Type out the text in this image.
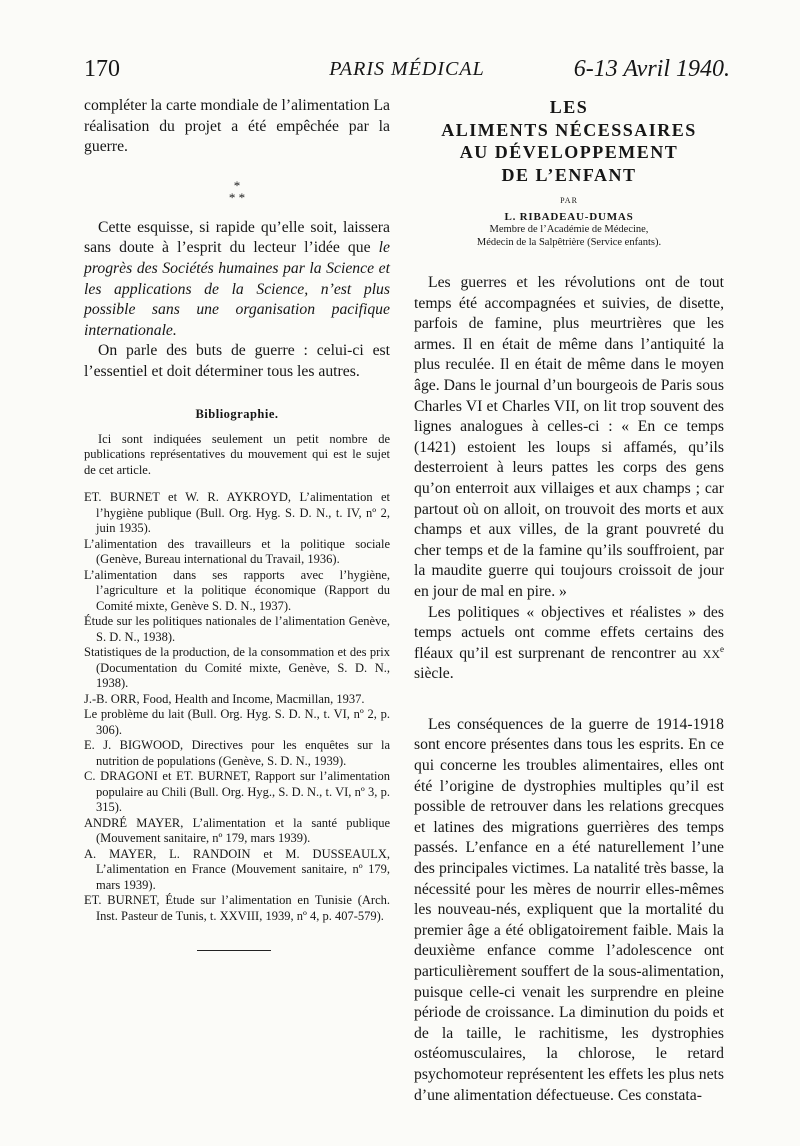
170	PARIS MÉDICAL	6-13 Avril 1940.

compléter la carte mondiale de l’alimentation La réalisation du projet a été empêchée par la guerre.

*
* *

Cette esquisse, si rapide qu’elle soit, laissera sans doute à l’esprit du lecteur l’idée que le progrès des Sociétés humaines par la Science et les applications de la Science, n’est plus possible sans une organisation pacifique internationale.

On parle des buts de guerre : celui-ci est l’essentiel et doit déterminer tous les autres.

Bibliographie.

Ici sont indiquées seulement un petit nombre de publications représentatives du mouvement qui est le sujet de cet article.

ET. BURNET et W. R. AYKROYD, L’alimentation et l’hygiène publique (Bull. Org. Hyg. S. D. N., t. IV, nº 2, juin 1935).
L’alimentation des travailleurs et la politique sociale (Genève, Bureau international du Travail, 1936).
L’alimentation dans ses rapports avec l’hygiène, l’agriculture et la politique économique (Rapport du Comité mixte, Genève S. D. N., 1937).
Étude sur les politiques nationales de l’alimentation Genève, S. D. N., 1938).
Statistiques de la production, de la consommation et des prix (Documentation du Comité mixte, Genève, S. D. N., 1938).
J.-B. ORR, Food, Health and Income, Macmillan, 1937.
Le problème du lait (Bull. Org. Hyg. S. D. N., t. VI, nº 2, p. 306).
E. J. BIGWOOD, Directives pour les enquêtes sur la nutrition de populations (Genève, S. D. N., 1939).
C. DRAGONI et ET. BURNET, Rapport sur l’alimentation populaire au Chili (Bull. Org. Hyg., S. D. N., t. VI, nº 3, p. 315).
ANDRÉ MAYER, L’alimentation et la santé publique (Mouvement sanitaire, nº 179, mars 1939).
A. MAYER, L. RANDOIN et M. DUSSEAULX, L’alimentation en France (Mouvement sanitaire, nº 179, mars 1939).
ET. BURNET, Étude sur l’alimentation en Tunisie (Arch. Inst. Pasteur de Tunis, t. XXVIII, 1939, nº 4, p. 407-579).
LES
ALIMENTS NÉCESSAIRES
AU DÉVELOPPEMENT
DE L’ENFANT
PAR
L. RIBADEAU-DUMAS
Membre de l’Académie de Médecine,
Médecin de la Salpêtrière (Service enfants).

Les guerres et les révolutions ont de tout temps été accompagnées et suivies, de disette, parfois de famine, plus meurtrières que les armes. Il en était de même dans l’antiquité la plus reculée. Il en était de même dans le moyen âge. Dans le journal d’un bourgeois de Paris sous Charles VI et Charles VII, on lit trop souvent des lignes analogues à celles-ci : « En ce temps (1421) estoient les loups si affamés, qu’ils desterroient à leurs pattes les corps des gens qu’on enterroit aux villaiges et aux champs ; car partout où on alloit, on trouvoit des morts et aux champs et aux villes, de la grant pouvreté du cher temps et de la famine qu’ils souffroient, par la maudite guerre qui toujours croissoit de jour en jour de mal en pire. »

Les politiques « objectives et réalistes » des temps actuels ont comme effets certains des fléaux qu’il est surprenant de rencontrer au XXe siècle.

Les conséquences de la guerre de 1914-1918 sont encore présentes dans tous les esprits. En ce qui concerne les troubles alimentaires, elles ont été l’origine de dystrophies multiples qu’il est possible de retrouver dans les relations grecques et latines des migrations guerrières des temps passés. L’enfance en a été naturellement l’une des principales victimes. La natalité très basse, la nécessité pour les mères de nourrir elles-mêmes les nouveau-nés, expliquent que la mortalité du premier âge a été obligatoirement faible. Mais la deuxième enfance comme l’adolescence ont particulièrement souffert de la sous-alimentation, puisque celle-ci venait les surprendre en pleine période de croissance. La diminution du poids et de la taille, le rachitisme, les dystrophies ostéomusculaires, la chlorose, le retard psychomoteur représentent les effets les plus nets d’une alimentation défectueuse. Ces constata-
